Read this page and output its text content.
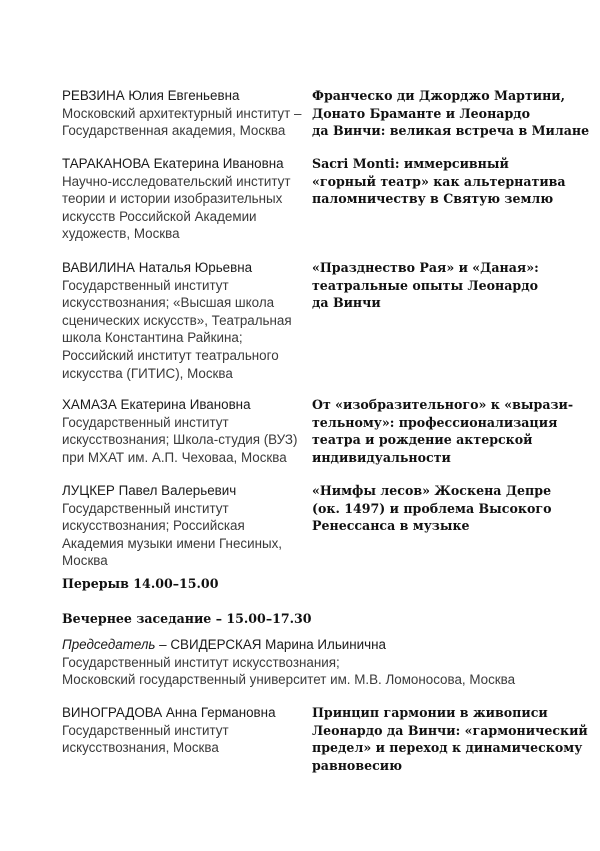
РЕВЗИНА Юлия Евгеньевна
Московский архитектурный институт –
Государственная академия, Москва
Франческо ди Джорджо Мартини,
Донато Браманте и Леонардо
да Винчи: великая встреча в Милане
ТАРАКАНОВА Екатерина Ивановна
Научно-исследовательский институт
теории и истории изобразительных
искусств Российской Академии
художеств, Москва
Sacri Monti: иммерсивный
«горный театр» как альтернатива
паломничеству в Святую землю
ВАВИЛИНА Наталья Юрьевна
Государственный институт
искусствознания; «Высшая школа
сценических искусств», Театральная
школа Константина Райкина;
Российский институт театрального
искусства (ГИТИС), Москва
«Празднество Рая» и «Даная»:
театральные опыты Леонардо
да Винчи
ХАМАЗА Екатерина Ивановна
Государственный институт
искусствознания; Школа-студия (ВУЗ)
при МХАТ им. А.П. Чеховаа, Москва
От «изобразительного» к «вырази-
тельному»: профессионализация
театра и рождение актерской
индивидуальности
ЛУЦКЕР Павел Валерьевич
Государственный институт
искусствознания; Российская
Академия музыки имени Гнесиных,
Москва
«Нимфы лесов» Жоскена Депре
(ок. 1497) и проблема Высокого
Ренессанса в музыке
Перерыв 14.00–15.00
Вечернее заседание – 15.00–17.30
Председатель – СВИДЕРСКАЯ Марина Ильинична
Государственный институт искусствознания;
Московский государственный университет им. М.В. Ломоносова, Москва
ВИНОГРАДОВА Анна Германовна
Государственный институт
искусствознания, Москва
Принцип гармонии в живописи
Леонардо да Винчи: «гармонический
предел» и переход к динамическому
равновесию
